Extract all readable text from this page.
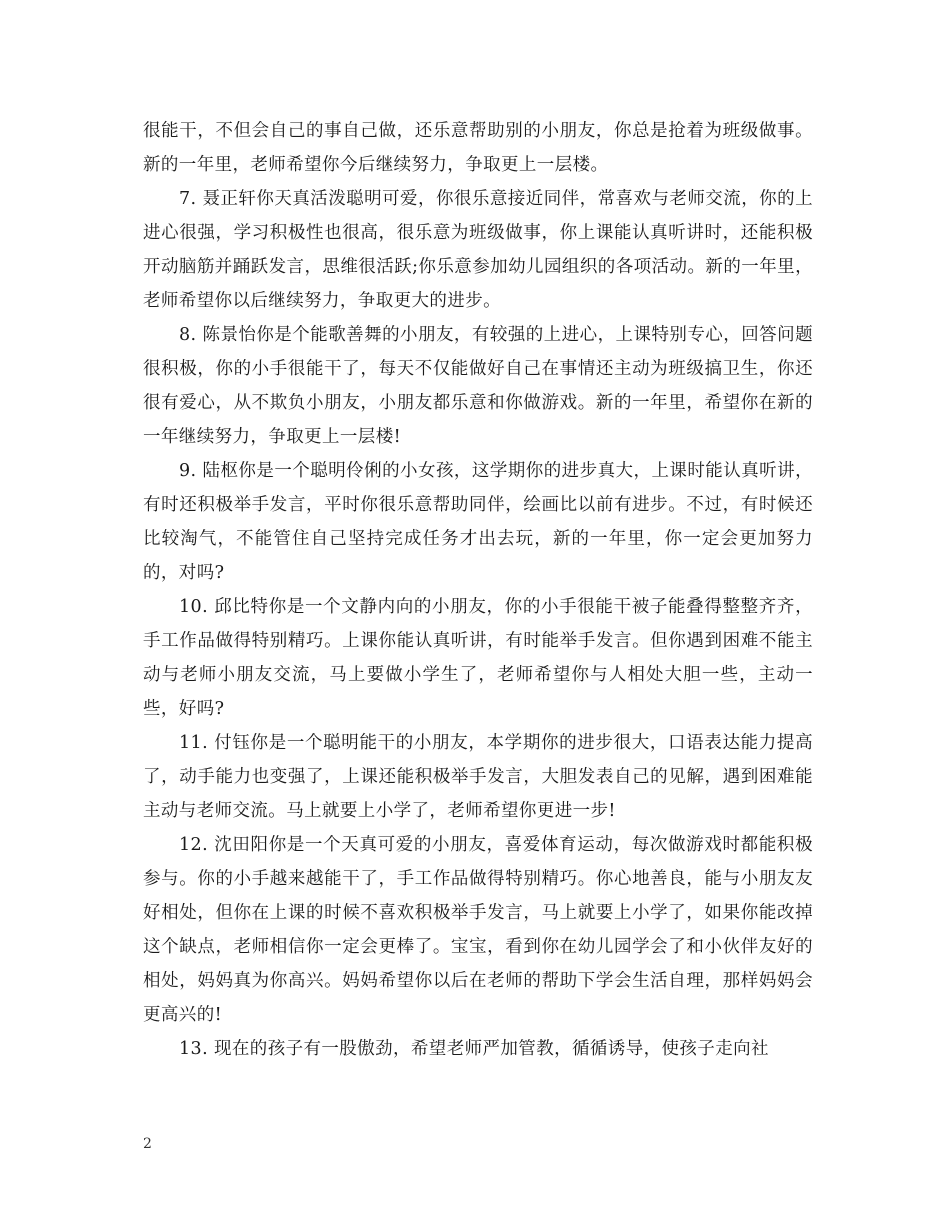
很能干，不但会自己的事自己做，还乐意帮助别的小朋友，你总是抢着为班级做事。新的一年里，老师希望你今后继续努力，争取更上一层楼。

7. 聂正轩你天真活泼聪明可爱，你很乐意接近同伴，常喜欢与老师交流，你的上进心很强，学习积极性也很高，很乐意为班级做事，你上课能认真听讲时，还能积极开动脑筋并踊跃发言，思维很活跃;你乐意参加幼儿园组织的各项活动。新的一年里，老师希望你以后继续努力，争取更大的进步。

8. 陈景怡你是个能歌善舞的小朋友，有较强的上进心，上课特别专心，回答问题很积极，你的小手很能干了，每天不仅能做好自己在事情还主动为班级搞卫生，你还很有爱心，从不欺负小朋友，小朋友都乐意和你做游戏。新的一年里，希望你在新的一年继续努力，争取更上一层楼!

9. 陆枢你是一个聪明伶俐的小女孩，这学期你的进步真大，上课时能认真听讲，有时还积极举手发言，平时你很乐意帮助同伴，绘画比以前有进步。不过，有时候还比较淘气，不能管住自己坚持完成任务才出去玩，新的一年里，你一定会更加努力的，对吗?

10. 邱比特你是一个文静内向的小朋友，你的小手很能干被子能叠得整整齐齐，手工作品做得特别精巧。上课你能认真听讲，有时能举手发言。但你遇到困难不能主动与老师小朋友交流，马上要做小学生了，老师希望你与人相处大胆一些，主动一些，好吗?

11. 付钰你是一个聪明能干的小朋友，本学期你的进步很大，口语表达能力提高了，动手能力也变强了，上课还能积极举手发言，大胆发表自己的见解，遇到困难能主动与老师交流。马上就要上小学了，老师希望你更进一步!

12. 沈田阳你是一个天真可爱的小朋友，喜爱体育运动，每次做游戏时都能积极参与。你的小手越来越能干了，手工作品做得特别精巧。你心地善良，能与小朋友友好相处，但你在上课的时候不喜欢积极举手发言，马上就要上小学了，如果你能改掉这个缺点，老师相信你一定会更棒了。宝宝，看到你在幼儿园学会了和小伙伴友好的相处，妈妈真为你高兴。妈妈希望你以后在老师的帮助下学会生活自理，那样妈妈会更高兴的!

13. 现在的孩子有一股傲劲，希望老师严加管教，循循诱导，使孩子走向社

2
